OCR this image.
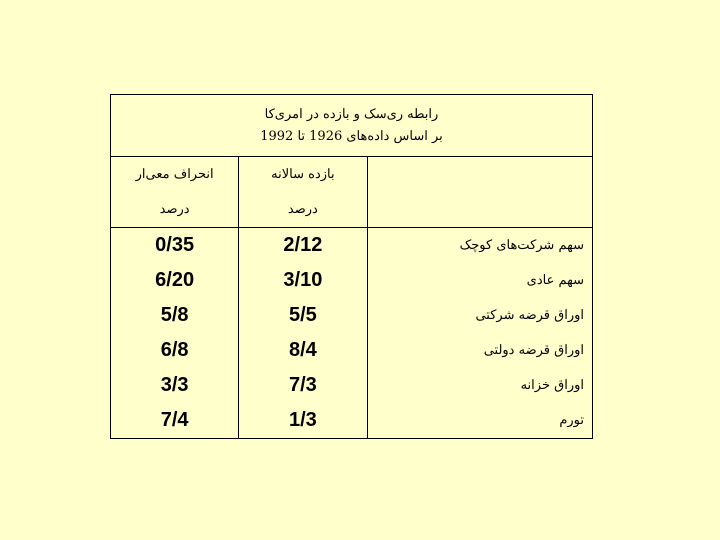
رابطه ری‌سک و بازده در امری‌کا
بر اساس داده‌های 1926 تا 1992		

انحراف معی‌ار	بازده سالانه	
درصد	درصد	
0/35	2/12	سهم شرکت‌های کوچک
6/20	3/10	سهم عادی
5/8	5/5	اوراق قرضه شرکتی
6/8	8/4	اوراق قرضه دولتی
3/3	7/3	اوراق خزانه
7/4	1/3	تورم
